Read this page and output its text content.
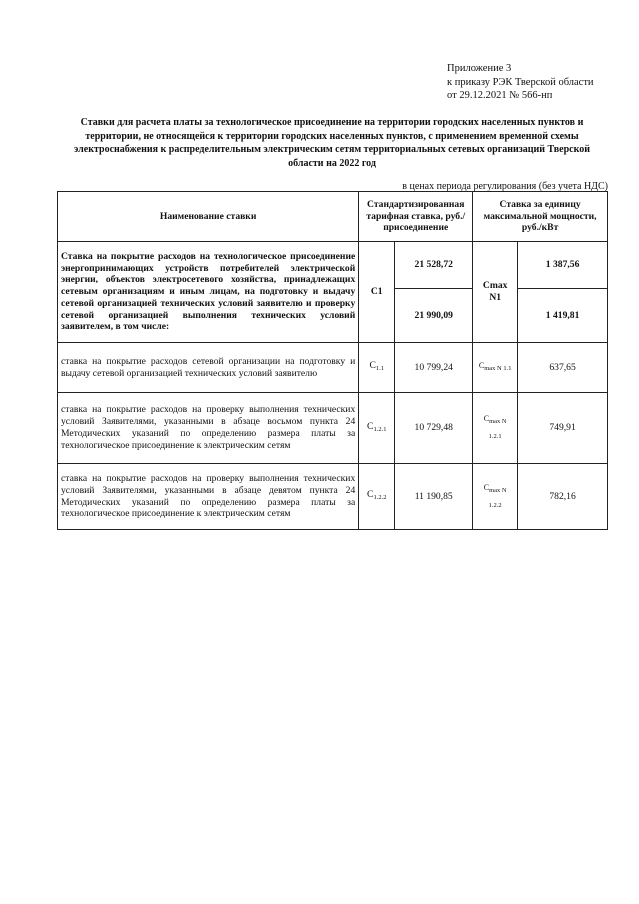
Приложение 3
к приказу РЭК Тверской области
от 29.12.2021 № 566-нп
Ставки для расчета платы за технологическое присоединение на территории городских населенных пунктов и
территории, не относящейся к территории городских населенных пунктов, с применением временной схемы
электроснабжения к распределительным электрическим сетям территориальных сетевых организаций Тверской
области на 2022 год
в ценах периода регулирования (без учета НДС)
Наименование ставки	Стандартизированная тарифная ставка, руб./присоединение		Ставка за единицу максимальной мощности, руб./кВт	
Ставка на покрытие расходов на технологическое присоединение энергопринимающих устройств потребителей электрической энергии, объектов электросетевого хозяйства, принадлежащих сетевым организациям и иным лицам, на подготовку и выдачу сетевой организацией технических условий заявителю и проверку сетевой организацией выполнения технических условий заявителем, в том числе:	C1	21 528,72	Cmax N1	1 387,56
		21 990,09		1 419,81
ставка на покрытие расходов сетевой организации на подготовку и выдачу сетевой организацией технических условий заявителю	$C_{1.1}$	10 799,24	$C_{max N 1.1}$	637,65
ставка на покрытие расходов на проверку выполнения технических условий Заявителями, указанными в абзаце восьмом пункта 24 Методических указаний по определению размера платы за технологическое присоединение к электрическим сетям	$C_{1.2.1}$	10 729,48	$C_{max N 1.2.1}$	749,91
ставка на покрытие расходов на проверку выполнения технических условий Заявителями, указанными в абзаце девятом пункта 24 Методических указаний по определению размера платы за технологическое присоединение к электрическим сетям	$C_{1.2.2}$	11 190,85	$C_{max N 1.2.2}$	782,16
